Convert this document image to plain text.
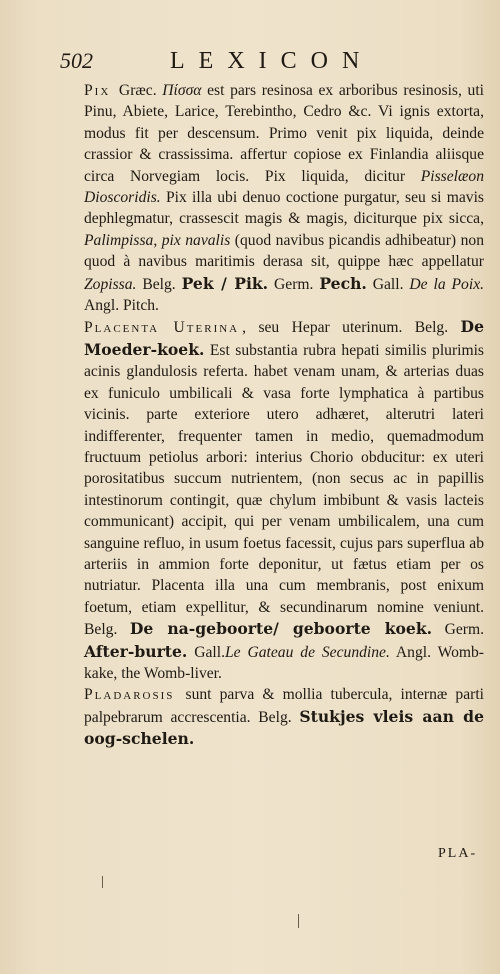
502	LEXICON

Pix Græc. Πίσσα est pars resinosa ex arboribus resinosis, uti Pinu, Abiete, Larice, Terebintho, Cedro &c. Vi ignis extorta, modus fit per descensum. Primo venit pix liquida, deinde crassior & crassissima. affertur copiose ex Finlandia aliisque circa Norvegiam locis. Pix liquida, dicitur Pisselæon Dioscoridis. Pix illa ubi denuo coctione purgatur, seu si mavis dephlegmatur, crassescit magis & magis, diciturque pix sicca, Palimpissa, pix navalis (quod navibus picandis adhibeatur) non quod à navibus maritimis derasa sit, quippe hæc appellatur Zopissa. Belg. Pek / Pik. Germ. Pech. Gall. De la Poix. Angl. Pitch.

Placenta Uterina , seu Hepar uterinum. Belg. De Moeder-koek. Est substantia rubra hepati similis plurimis acinis glandulosis referta. habet venam unam, & arterias duas ex funiculo umbilicali & vasa forte lymphatica à partibus vicinis. parte exteriore utero adhæret, alterutri lateri indifferenter, frequenter tamen in medio, quemadmodum fructuum petiolus arbori: interius Chorio obducitur: ex uteri porositatibus succum nutrientem, (non secus ac in papillis intestinorum contingit, quæ chylum imbibunt & vasis lacteis communicant) accipit, qui per venam umbilicalem, una cum sanguine refluo, in usum foetus facessit, cujus pars superflua ab arteriis in ammion forte deponitur, ut fætus etiam per os nutriatur. Placenta illa una cum membranis, post enixum foetum, etiam expellitur, & secundinarum nomine veniunt. Belg. De na-geboorte/ geboorte koek. Germ. After-burte. Gall.Le Gateau de Secundine. Angl. Womb-kake, the Womb-liver.

Pladarosis sunt parva & mollia tubercula, internæ parti palpebrarum accrescentia. Belg. Stukjes vleis aan de oog-schelen.

PLA-
